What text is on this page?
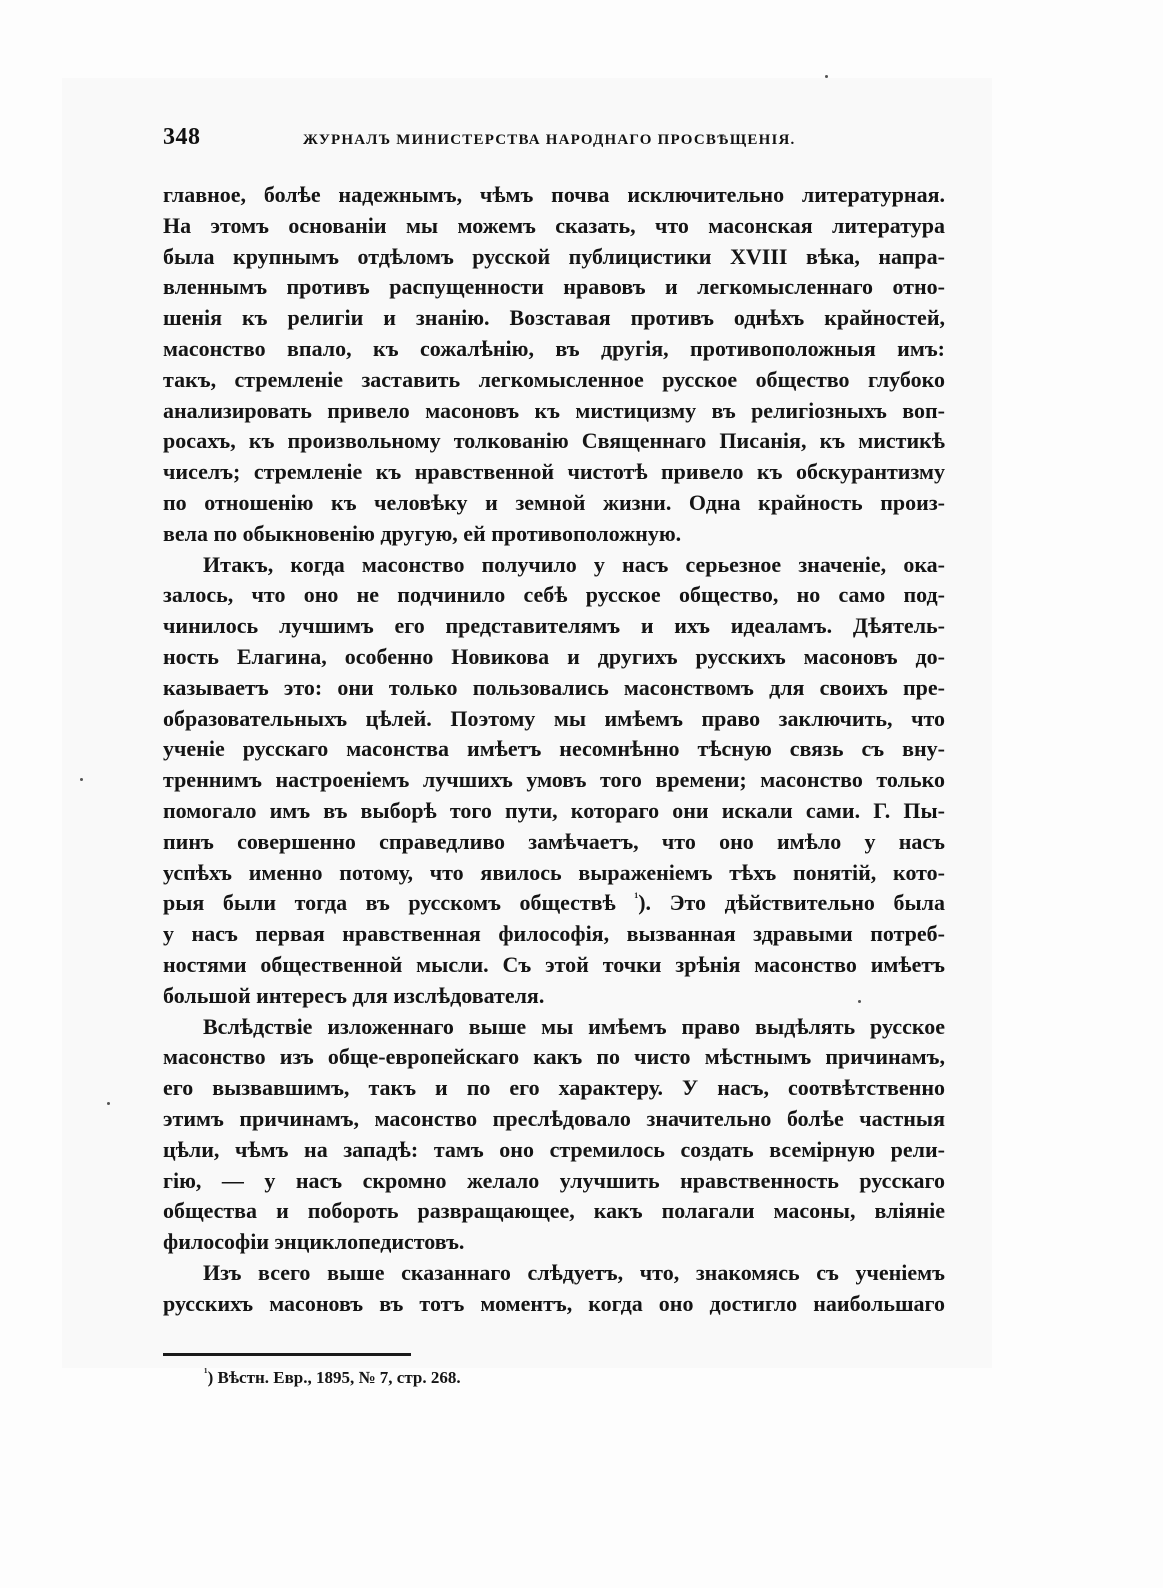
348	ЖУРНАЛЪ МИНИСТЕРСТВА НАРОДНАГО ПРОСВѢЩЕНІЯ.
главное, болѣе надежнымъ, чѣмъ почва исключительно литературная.
На этомъ основаніи мы можемъ сказать, что масонская литература
была крупнымъ отдѣломъ русской публицистики XVIII вѣка, напра-
вленнымъ противъ распущенности нравовъ и легкомысленнаго отно-
шенія къ религіи и знанію. Возставая противъ однѣхъ крайностей,
масонство впало, къ сожалѣнію, въ другія, противоположныя имъ:
такъ, стремленіе заставить легкомысленное русское общество глубоко
анализировать привело масоновъ къ мистицизму въ религіозныхъ воп-
росахъ, къ произвольному толкованію Священнаго Писанія, къ мистикѣ
чиселъ; стремленіе къ нравственной чистотѣ привело къ обскурантизму
по отношенію къ человѣку и земной жизни. Одна крайность произ-
вела по обыкновенію другую, ей противоположную.
Итакъ, когда масонство получило у насъ серьезное значеніе, ока-
залось, что оно не подчинило себѣ русское общество, но само под-
чинилось лучшимъ его представителямъ и ихъ идеаламъ. Дѣятель-
ность Елагина, особенно Новикова и другихъ русскихъ масоновъ до-
казываетъ это: они только пользовались масонствомъ для своихъ пре-
образовательныхъ цѣлей. Поэтому мы имѣемъ право заключить, что
ученіе русскаго масонства имѣетъ несомнѣнно тѣсную связь съ вну-
треннимъ настроеніемъ лучшихъ умовъ того времени; масонство только
помогало имъ въ выборѣ того пути, котораго они искали сами. Г. Пы-
пинъ совершенно справедливо замѣчаетъ, что оно имѣло у насъ
успѣхъ именно потому, что явилось выраженіемъ тѣхъ понятій, кото-
рыя были тогда въ русскомъ обществѣ $^{^1}$). Это дѣйствительно была
у насъ первая нравственная философія, вызванная здравыми потреб-
ностями общественной мысли. Съ этой точки зрѣнія масонство имѣетъ
большой интересъ для изслѣдователя.
Вслѣдствіе изложеннаго выше мы имѣемъ право выдѣлять русское
масонство изъ обще-европейскаго какъ по чисто мѣстнымъ причинамъ,
его вызвавшимъ, такъ и по его характеру. У насъ, соотвѣтственно
этимъ причинамъ, масонство преслѣдовало значительно болѣе частныя
цѣли, чѣмъ на западѣ: тамъ оно стремилось создать всемірную рели-
гію, — у насъ скромно желало улучшить нравственность русскаго
общества и побороть развращающее, какъ полагали масоны, вліяніе
философіи энциклопедистовъ.
Изъ всего выше сказаннаго слѣдуетъ, что, знакомясь съ ученіемъ
русскихъ масоновъ въ тотъ моментъ, когда оно достигло наибольшаго
$^{^1}$) Вѣстн. Евр., 1895, № 7, стр. 268.
